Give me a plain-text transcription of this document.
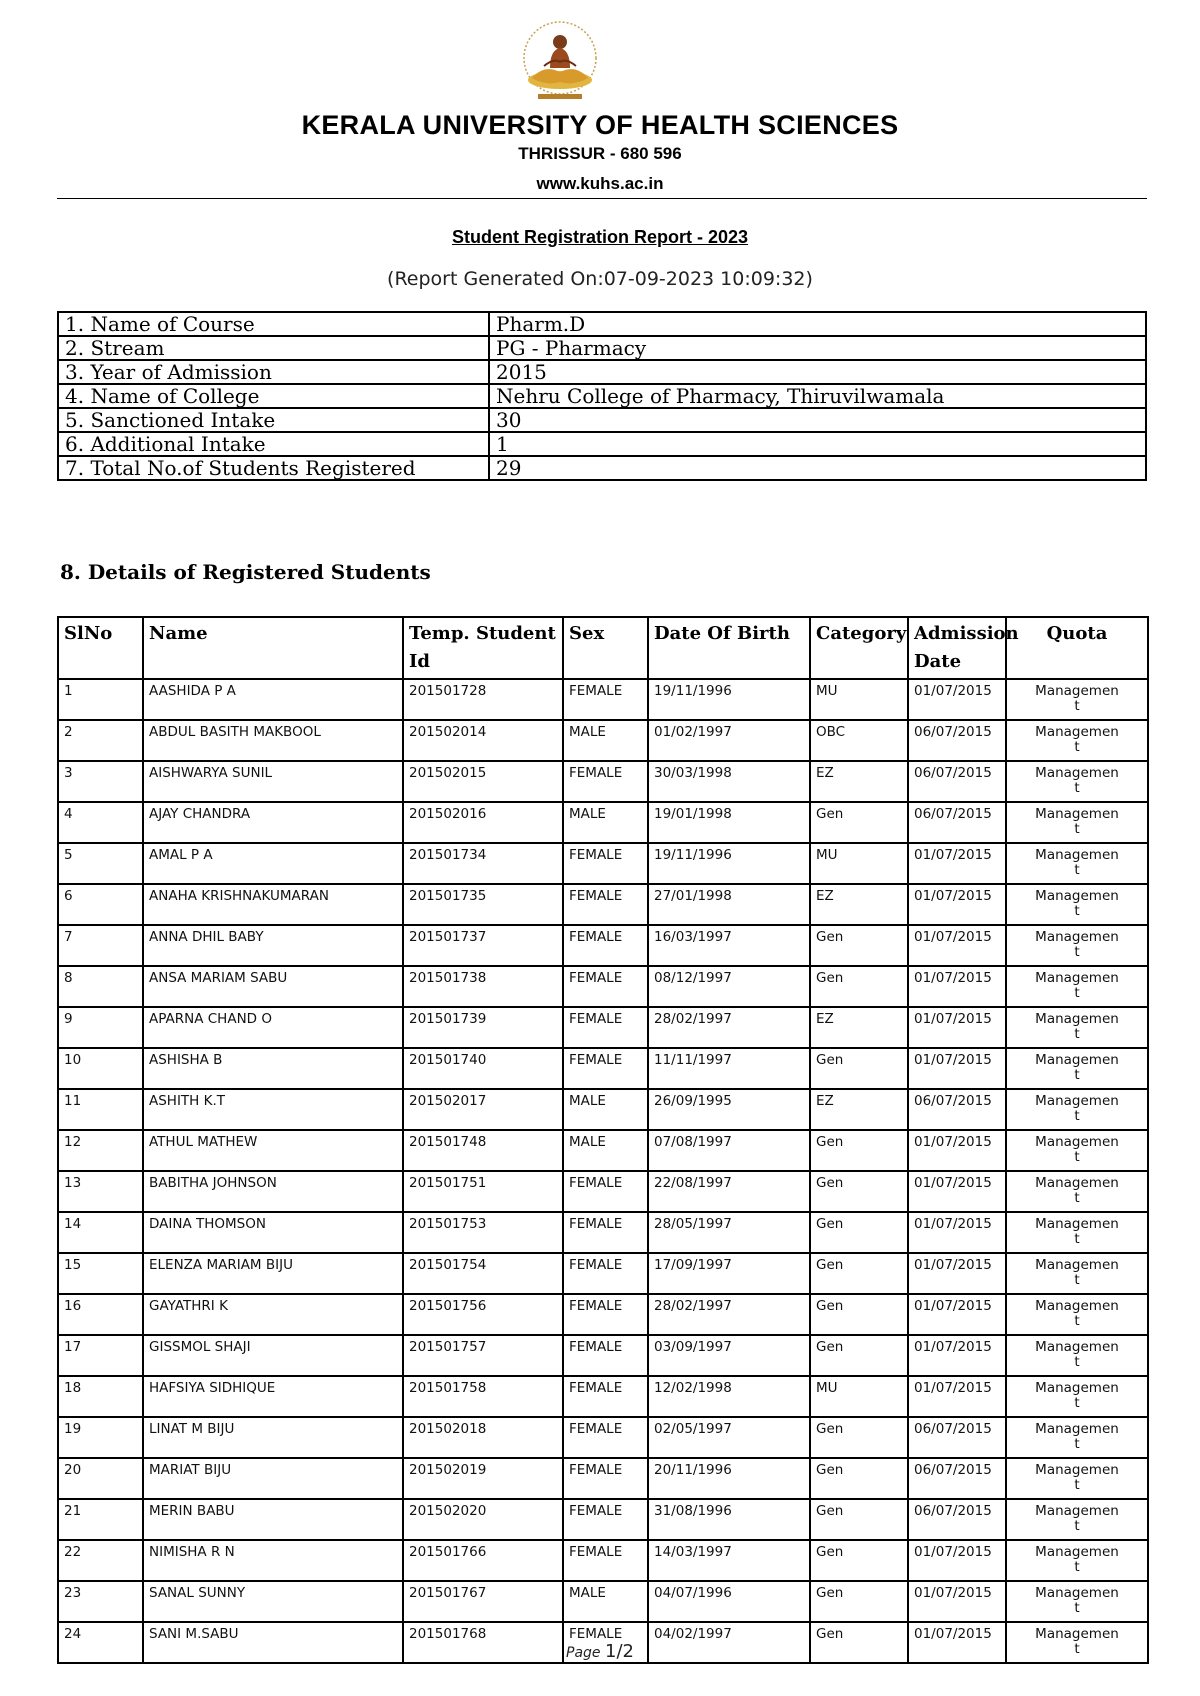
KERALA UNIVERSITY OF HEALTH SCIENCES
THRISSUR - 680 596
www.kuhs.ac.in
Student Registration Report - 2023
(Report Generated On:07-09-2023 10:09:32)
1. Name of Course	Pharm.D
2. Stream	PG - Pharmacy
3. Year of Admission	2015
4. Name of College	Nehru College of Pharmacy, Thiruvilwamala
5. Sanctioned Intake	30
6. Additional Intake	1
7. Total No.of Students Registered	29
8. Details of Registered Students
SlNo	Name	Temp. Student Id	Sex	Date Of Birth	Category	Admission Date	Quota
1	AASHIDA P A	201501728	FEMALE	19/11/1996	MU	01/07/2015	Management
2	ABDUL BASITH MAKBOOL	201502014	MALE	01/02/1997	OBC	06/07/2015	Management
3	AISHWARYA SUNIL	201502015	FEMALE	30/03/1998	EZ	06/07/2015	Management
4	AJAY CHANDRA	201502016	MALE	19/01/1998	Gen	06/07/2015	Management
5	AMAL P A	201501734	FEMALE	19/11/1996	MU	01/07/2015	Management
6	ANAHA KRISHNAKUMARAN	201501735	FEMALE	27/01/1998	EZ	01/07/2015	Management
7	ANNA DHIL BABY	201501737	FEMALE	16/03/1997	Gen	01/07/2015	Management
8	ANSA MARIAM SABU	201501738	FEMALE	08/12/1997	Gen	01/07/2015	Management
9	APARNA CHAND O	201501739	FEMALE	28/02/1997	EZ	01/07/2015	Management
10	ASHISHA B	201501740	FEMALE	11/11/1997	Gen	01/07/2015	Management
11	ASHITH K.T	201502017	MALE	26/09/1995	EZ	06/07/2015	Management
12	ATHUL MATHEW	201501748	MALE	07/08/1997	Gen	01/07/2015	Management
13	BABITHA JOHNSON	201501751	FEMALE	22/08/1997	Gen	01/07/2015	Management
14	DAINA THOMSON	201501753	FEMALE	28/05/1997	Gen	01/07/2015	Management
15	ELENZA MARIAM BIJU	201501754	FEMALE	17/09/1997	Gen	01/07/2015	Management
16	GAYATHRI K	201501756	FEMALE	28/02/1997	Gen	01/07/2015	Management
17	GISSMOL SHAJI	201501757	FEMALE	03/09/1997	Gen	01/07/2015	Management
18	HAFSIYA SIDHIQUE	201501758	FEMALE	12/02/1998	MU	01/07/2015	Management
19	LINAT M BIJU	201502018	FEMALE	02/05/1997	Gen	06/07/2015	Management
20	MARIAT BIJU	201502019	FEMALE	20/11/1996	Gen	06/07/2015	Management
21	MERIN BABU	201502020	FEMALE	31/08/1996	Gen	06/07/2015	Management
22	NIMISHA R N	201501766	FEMALE	14/03/1997	Gen	01/07/2015	Management
23	SANAL SUNNY	201501767	MALE	04/07/1996	Gen	01/07/2015	Management
24	SANI M.SABU	201501768	FEMALE	04/02/1997	Gen	01/07/2015	Management
Page 1/2
